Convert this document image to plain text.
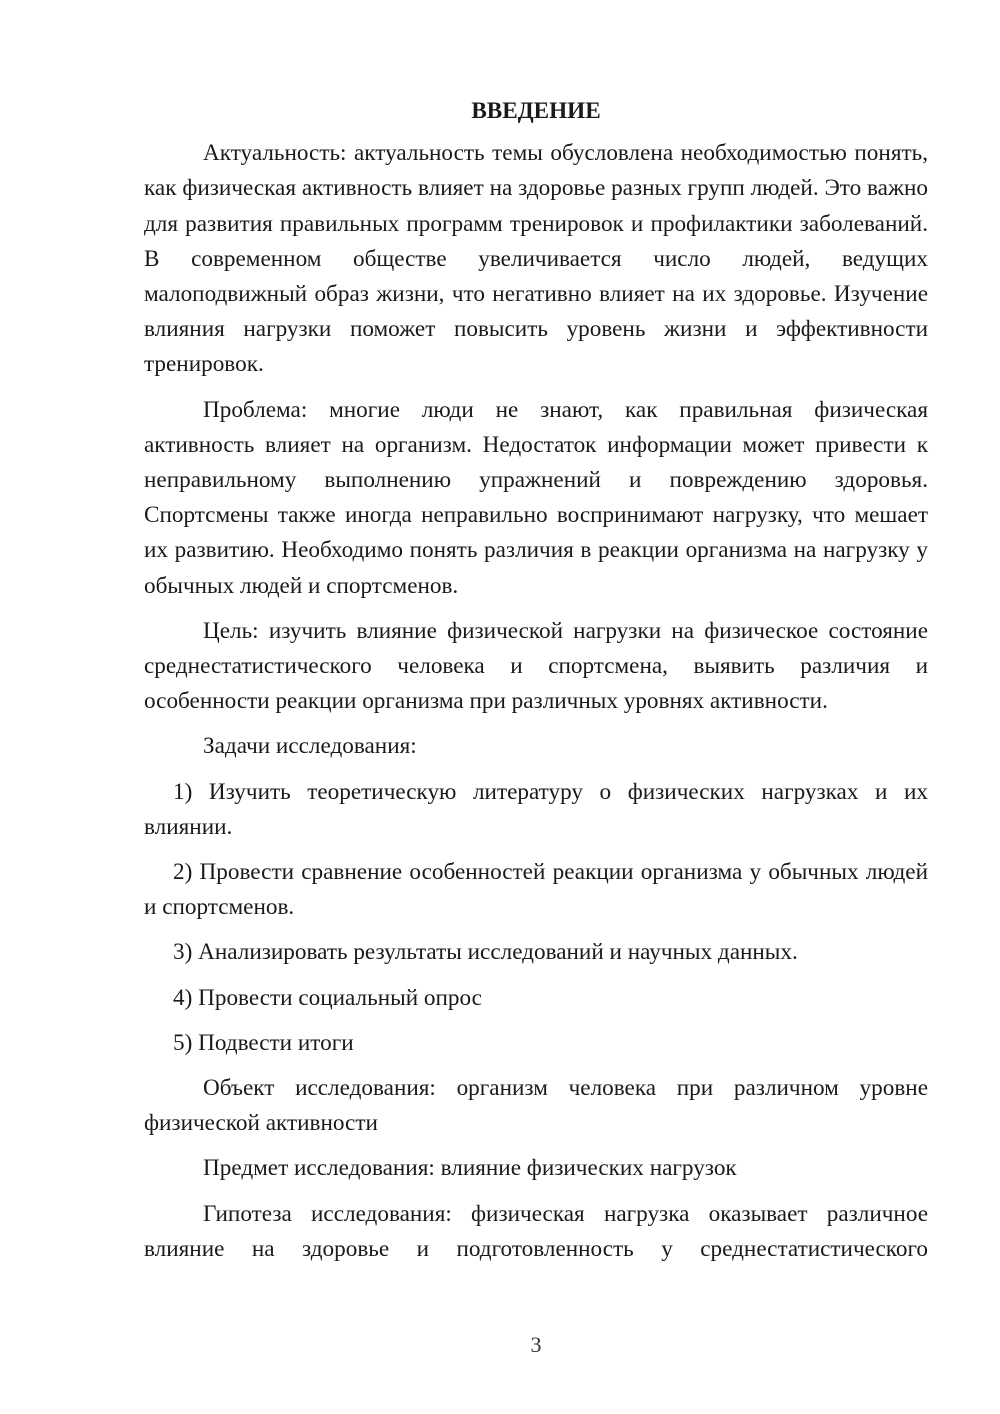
ВВЕДЕНИЕ

Актуальность: актуальность темы обусловлена необходимостью понять, как физическая активность влияет на здоровье разных групп людей. Это важно для развития правильных программ тренировок и профилактики заболеваний. В современном обществе увеличивается число людей, ведущих малоподвижный образ жизни, что негативно влияет на их здоровье. Изучение влияния нагрузки поможет повысить уровень жизни и эффективности тренировок.

Проблема: многие люди не знают, как правильная физическая активность влияет на организм. Недостаток информации может привести к неправильному выполнению упражнений и повреждению здоровья. Спортсмены также иногда неправильно воспринимают нагрузку, что мешает их развитию. Необходимо понять различия в реакции организма на нагрузку у обычных людей и спортсменов.

Цель: изучить влияние физической нагрузки на физическое состояние среднестатистического человека и спортсмена, выявить различия и особенности реакции организма при различных уровнях активности.

Задачи исследования:

1) Изучить теоретическую литературу о физических нагрузках и их влиянии.

2) Провести сравнение особенностей реакции организма у обычных людей и спортсменов.

3) Анализировать результаты исследований и научных данных.

4) Провести социальный опрос

5) Подвести итоги

Объект исследования: организм человека при различном уровне физической активности

Предмет исследования: влияние физических нагрузок

Гипотеза исследования: физическая нагрузка оказывает различное влияние на здоровье и подготовленность у среднестатистического

3
